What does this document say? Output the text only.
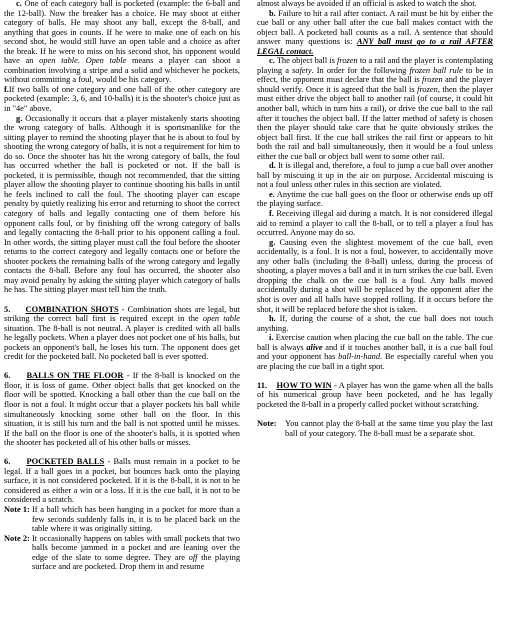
c. One of each category ball is pocketed (example: the 6-ball and the 12-ball). Now the breaker has a choice. He may shoot at either category of balls. He may shoot any ball, except the 8-ball, and anything that goes in counts. If he were to make one of each on his second shot, he would still have an open table and a choice as after the break. If he were to miss on his second shot, his opponent would have an open table. Open table means a player can shoot a combination involving a stripe and a solid and whichever he pockets, without committing a foul, would be his category.

f.If two balls of one category and one ball of the other category are pocketed (example: 3, 6, and 10-balls) it is the shooter's choice just as in "4e" above.

g. Occasionally it occurs that a player mistakenly starts shooting the wrong category of balls. Although it is sportsmanlike for the sitting player to remind the shooting player that he is about to foul by shooting the wrong category of balls, it is not a requirement for him to do so. Once the shooter has hit the wrong category of balls, the foul has occurred whether the ball is pocketed or not. If the ball is pocketed, it is permissible, though not recommended, that the sitting player allow the shooting player to continue shooting his balls in until he feels inclined to call the foul. The shooting player can escape penalty by quietly realizing his error and returning to shoot the correct category of balls and legally contacting one of them before his opponent calls foul, or by finishing off the wrong category of balls and legally contacting the 8-ball prior to his opponent calling a foul. In other words, the sitting player must call the foul before the shooter returns to the correct category and legally contacts one or before the shooter pockets the remaining balls of the wrong category and legally contacts the 8-ball. Before any foul has occurred, the shooter also may avoid penalty by asking the sitting player which category of balls he has. The sitting player must tell him the truth.

5. COMBINATION SHOTS - Combination shots are legal, but striking the correct ball first is required except in the open table situation. The 8-ball is not neutral. A player is credited with all balls he legally pockets. When a player does not pocket one of his balls, but pockets an opponent's ball, he loses his turn. The opponent does get credit for the pocketed ball. No pocketed ball is ever spotted.

6. BALLS ON THE FLOOR - If the 8-ball is knocked on the floor, it is loss of game. Other object balls that get knocked on the floor will be spotted. Knocking a ball other than the cue ball on the floor is not a foul. It might occur that a player pockets his ball while simultaneously knocking some other ball on the floor. In this situation, it is still his turn and the ball is not spotted until he misses. If the ball on the floor is one of the shooter's balls, it is spotted when the shooter has pocketed all of his other balls or misses.

6. POCKETED BALLS - Balls must remain in a pocket to be legal. If a ball goes in a pocket, but bounces back onto the playing surface, it is not considered pocketed. If it is the 8-ball, it is not to be considered as either a win or a loss. If it is the cue ball, it is not to be considered a scratch.

Note 1: If a ball which has been hanging in a pocket for more than a few seconds suddenly falls in, it is to be placed back on the table where it was originally sitting.
Note 2: It occasionally happens on tables with small pockets that two balls become jammed in a pocket and are leaning over the edge of the slate to some degree. They are off the playing surface and are pocketed. Drop them in and resume

almost always be avoided if an official is asked to watch the shot.

b. Failure to hit a rail after contact. A rail must be hit by either the cue ball or any other ball after the cue ball makes contact with the object ball. A pocketed ball counts as a rail. A sentence that should answer many questions is: ANY ball must go to a rail AFTER LEGAL contact.

c. The object ball is frozen to a rail and the player is contemplating playing a safety. In order for the following frozen ball rule to be in effect, the opponent must declare that the ball is frozen and the player should verify. Once it is agreed that the ball is frozen, then the player must either drive the object ball to another rail (of course, it could hit another ball, which in turn hits a rail), or drive the cue ball to the rail after it touches the object ball. If the latter method of safety is chosen then the player should take care that he quite obviously strikes the object ball first. If the cue ball strikes the rail first or appears to hit both the rail and ball simultaneously, then it would be a foul unless either the cue ball or object ball went to some other rail.

d. It is illegal and, therefore, a foul to jump a cue ball over another ball by miscuing it up in the air on purpose. Accidental miscuing is not a foul unless other rules in this section are violated.

e. Anytime the cue ball goes on the floor or otherwise ends up off the playing surface.

f. Receiving illegal aid during a match. It is not considered illegal aid to remind a player to call the 8-ball, or to tell a player a foul has occurred. Anyone may do so.

g. Causing even the slightest movement of the cue ball, even accidentally, is a foul. It is not a foul, however, to accidentally move any other balls (including the 8-ball) unless, during the process of shooting, a player moves a ball and it in turn strikes the cue ball. Even dropping the chalk on the cue ball is a foul. Any balls moved accidentally during a shot will be replaced by the opponent after the shot is over and all balls have stopped rolling. If it occurs before the shot, it will be replaced before the shot is taken.

h. If, during the course of a shot, the cue ball does not touch anything.

i. Exercise caution when placing the cue ball on the table. The cue ball is always alive and if it touches another ball, it is a cue ball foul and your opponent has ball-in-hand. Be especially careful when you are placing the cue ball in a tight spot.

11. HOW TO WIN - A player has won the game when all the balls of his numerical group have been pocketed, and he has legally pocketed the 8-ball in a properly called pocket without scratching.

Note:	You cannot play the 8-ball at the same time you play the last ball of your category. The 8-ball must be a separate shot.
